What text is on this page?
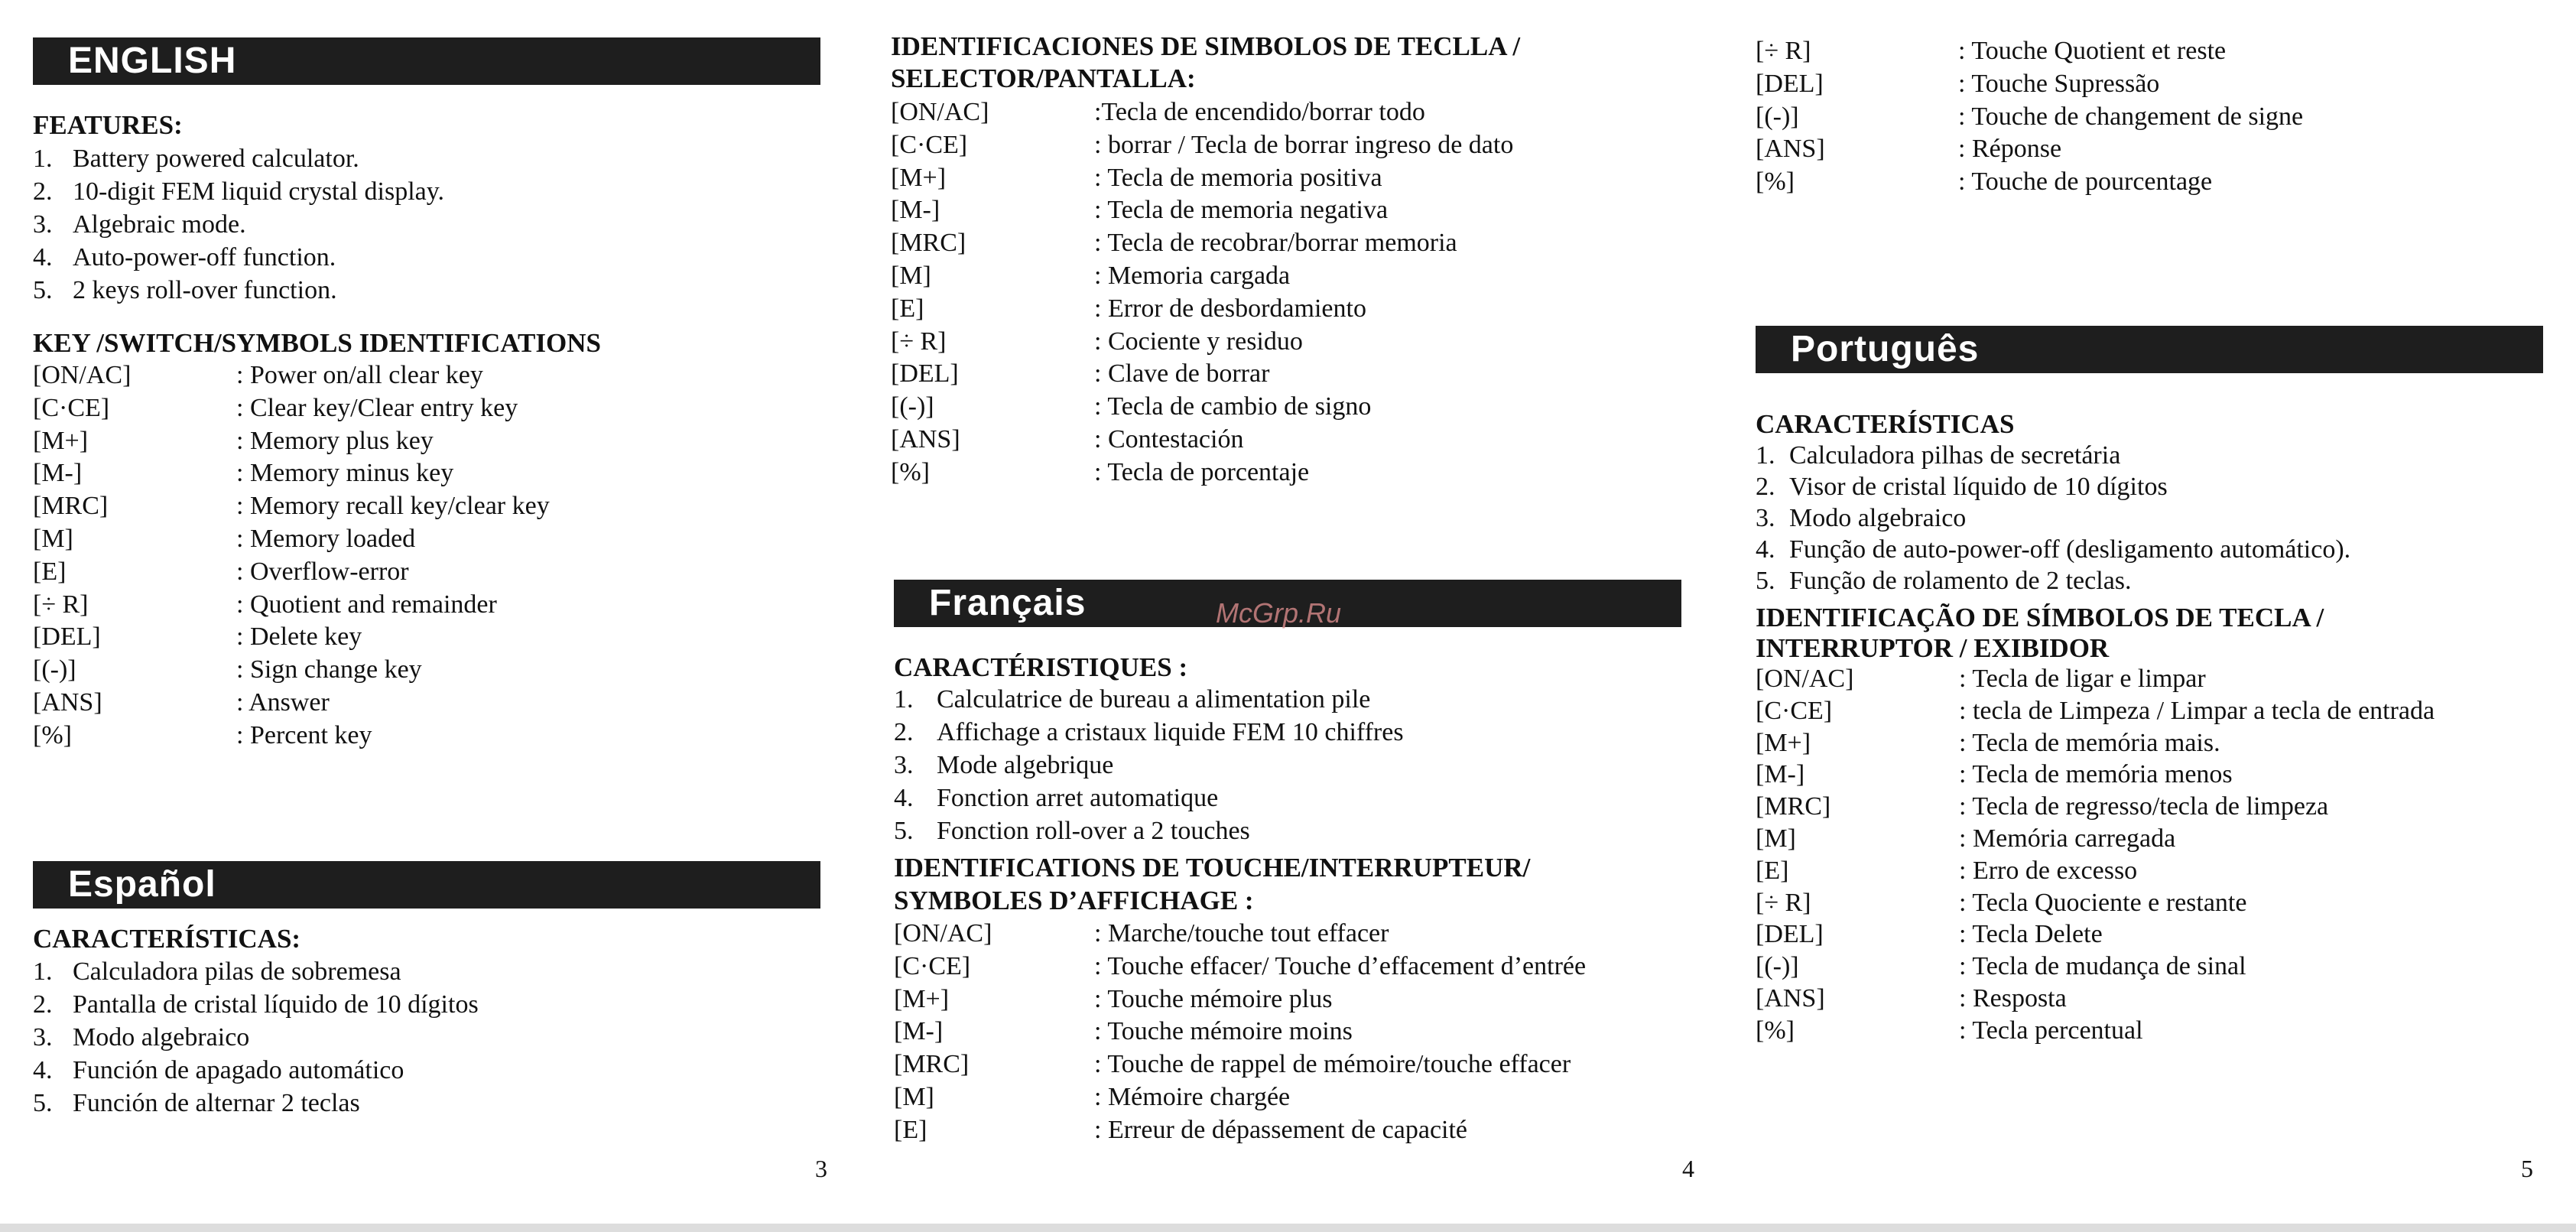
ENGLISH
FEATURES:
1. Battery powered calculator.
2. 10-digit FEM liquid crystal display.
3. Algebraic mode.
4. Auto-power-off function.
5. 2 keys roll-over function.
KEY /SWITCH/SYMBOLS IDENTIFICATIONS
[ON/AC]	: Power on/all clear key
[C·CE]	: Clear key/Clear entry key
[M+]	: Memory plus key
[M-]	: Memory minus key
[MRC]	: Memory recall key/clear key
[M]	: Memory loaded
[E]	: Overflow-error
[÷ R]	: Quotient and remainder
[DEL]	: Delete key
[(-)]	: Sign change key
[ANS]	: Answer
[%]	: Percent key
Español
CARACTERÍSTICAS:
1. Calculadora pilas de sobremesa
2. Pantalla de cristal líquido de 10 dígitos
3. Modo algebraico
4. Función de apagado automático
5. Función de alternar 2 teclas
3
IDENTIFICACIONES DE SIMBOLOS DE TECLLA /
SELECTOR/PANTALLA:
[ON/AC]	:Tecla de encendido/borrar todo
[C·CE]	: borrar / Tecla de borrar ingreso de dato
[M+]	: Tecla de memoria positiva
[M-]	: Tecla de memoria negativa
[MRC]	: Tecla de recobrar/borrar memoria
[M]	: Memoria cargada
[E]	: Error de desbordamiento
[÷ R]	: Cociente y residuo
[DEL]	: Clave de borrar
[(-)]	: Tecla de cambio de signo
[ANS]	: Contestación
[%]	: Tecla de porcentaje
Français
CARACTÉRISTIQUES :
1. Calculatrice de bureau a alimentation pile
2. Affichage a cristaux liquide FEM 10 chiffres
3. Mode algebrique
4. Fonction arret automatique
5. Fonction roll-over a 2 touches
IDENTIFICATIONS DE TOUCHE/INTERRUPTEUR/
SYMBOLES D’AFFICHAGE :
[ON/AC]	: Marche/touche tout effacer
[C·CE]	: Touche effacer/ Touche d’effacement d’entrée
[M+]	: Touche mémoire plus
[M-]	: Touche mémoire moins
[MRC]	: Touche de rappel de mémoire/touche effacer
[M]	: Mémoire chargée
[E]	: Erreur de dépassement de capacité
4
[÷ R]	: Touche Quotient et reste
[DEL]	: Touche Supressão
[(-)]	: Touche de changement de signe
[ANS]	: Réponse
[%]	: Touche de pourcentage
Português
CARACTERÍSTICAS
1. Calculadora pilhas de secretária
2. Visor de cristal líquido de 10 dígitos
3. Modo algebraico
4. Função de auto-power-off (desligamento automático).
5. Função de rolamento de 2 teclas.
IDENTIFICAÇÃO DE SÍMBOLOS DE TECLA /
INTERRUPTOR / EXIBIDOR
[ON/AC]	: Tecla de ligar e limpar
[C·CE]	: tecla de Limpeza / Limpar a tecla de entrada
[M+]	: Tecla de memória mais.
[M-]	: Tecla de memória menos
[MRC]	: Tecla de regresso/tecla de limpeza
[M]	: Memória carregada
[E]	: Erro de excesso
[÷ R]	: Tecla Quociente e restante
[DEL]	: Tecla Delete
[(-)]	: Tecla de mudança de sinal
[ANS]	: Resposta
[%]	: Tecla percentual
5
McGrp.Ru
